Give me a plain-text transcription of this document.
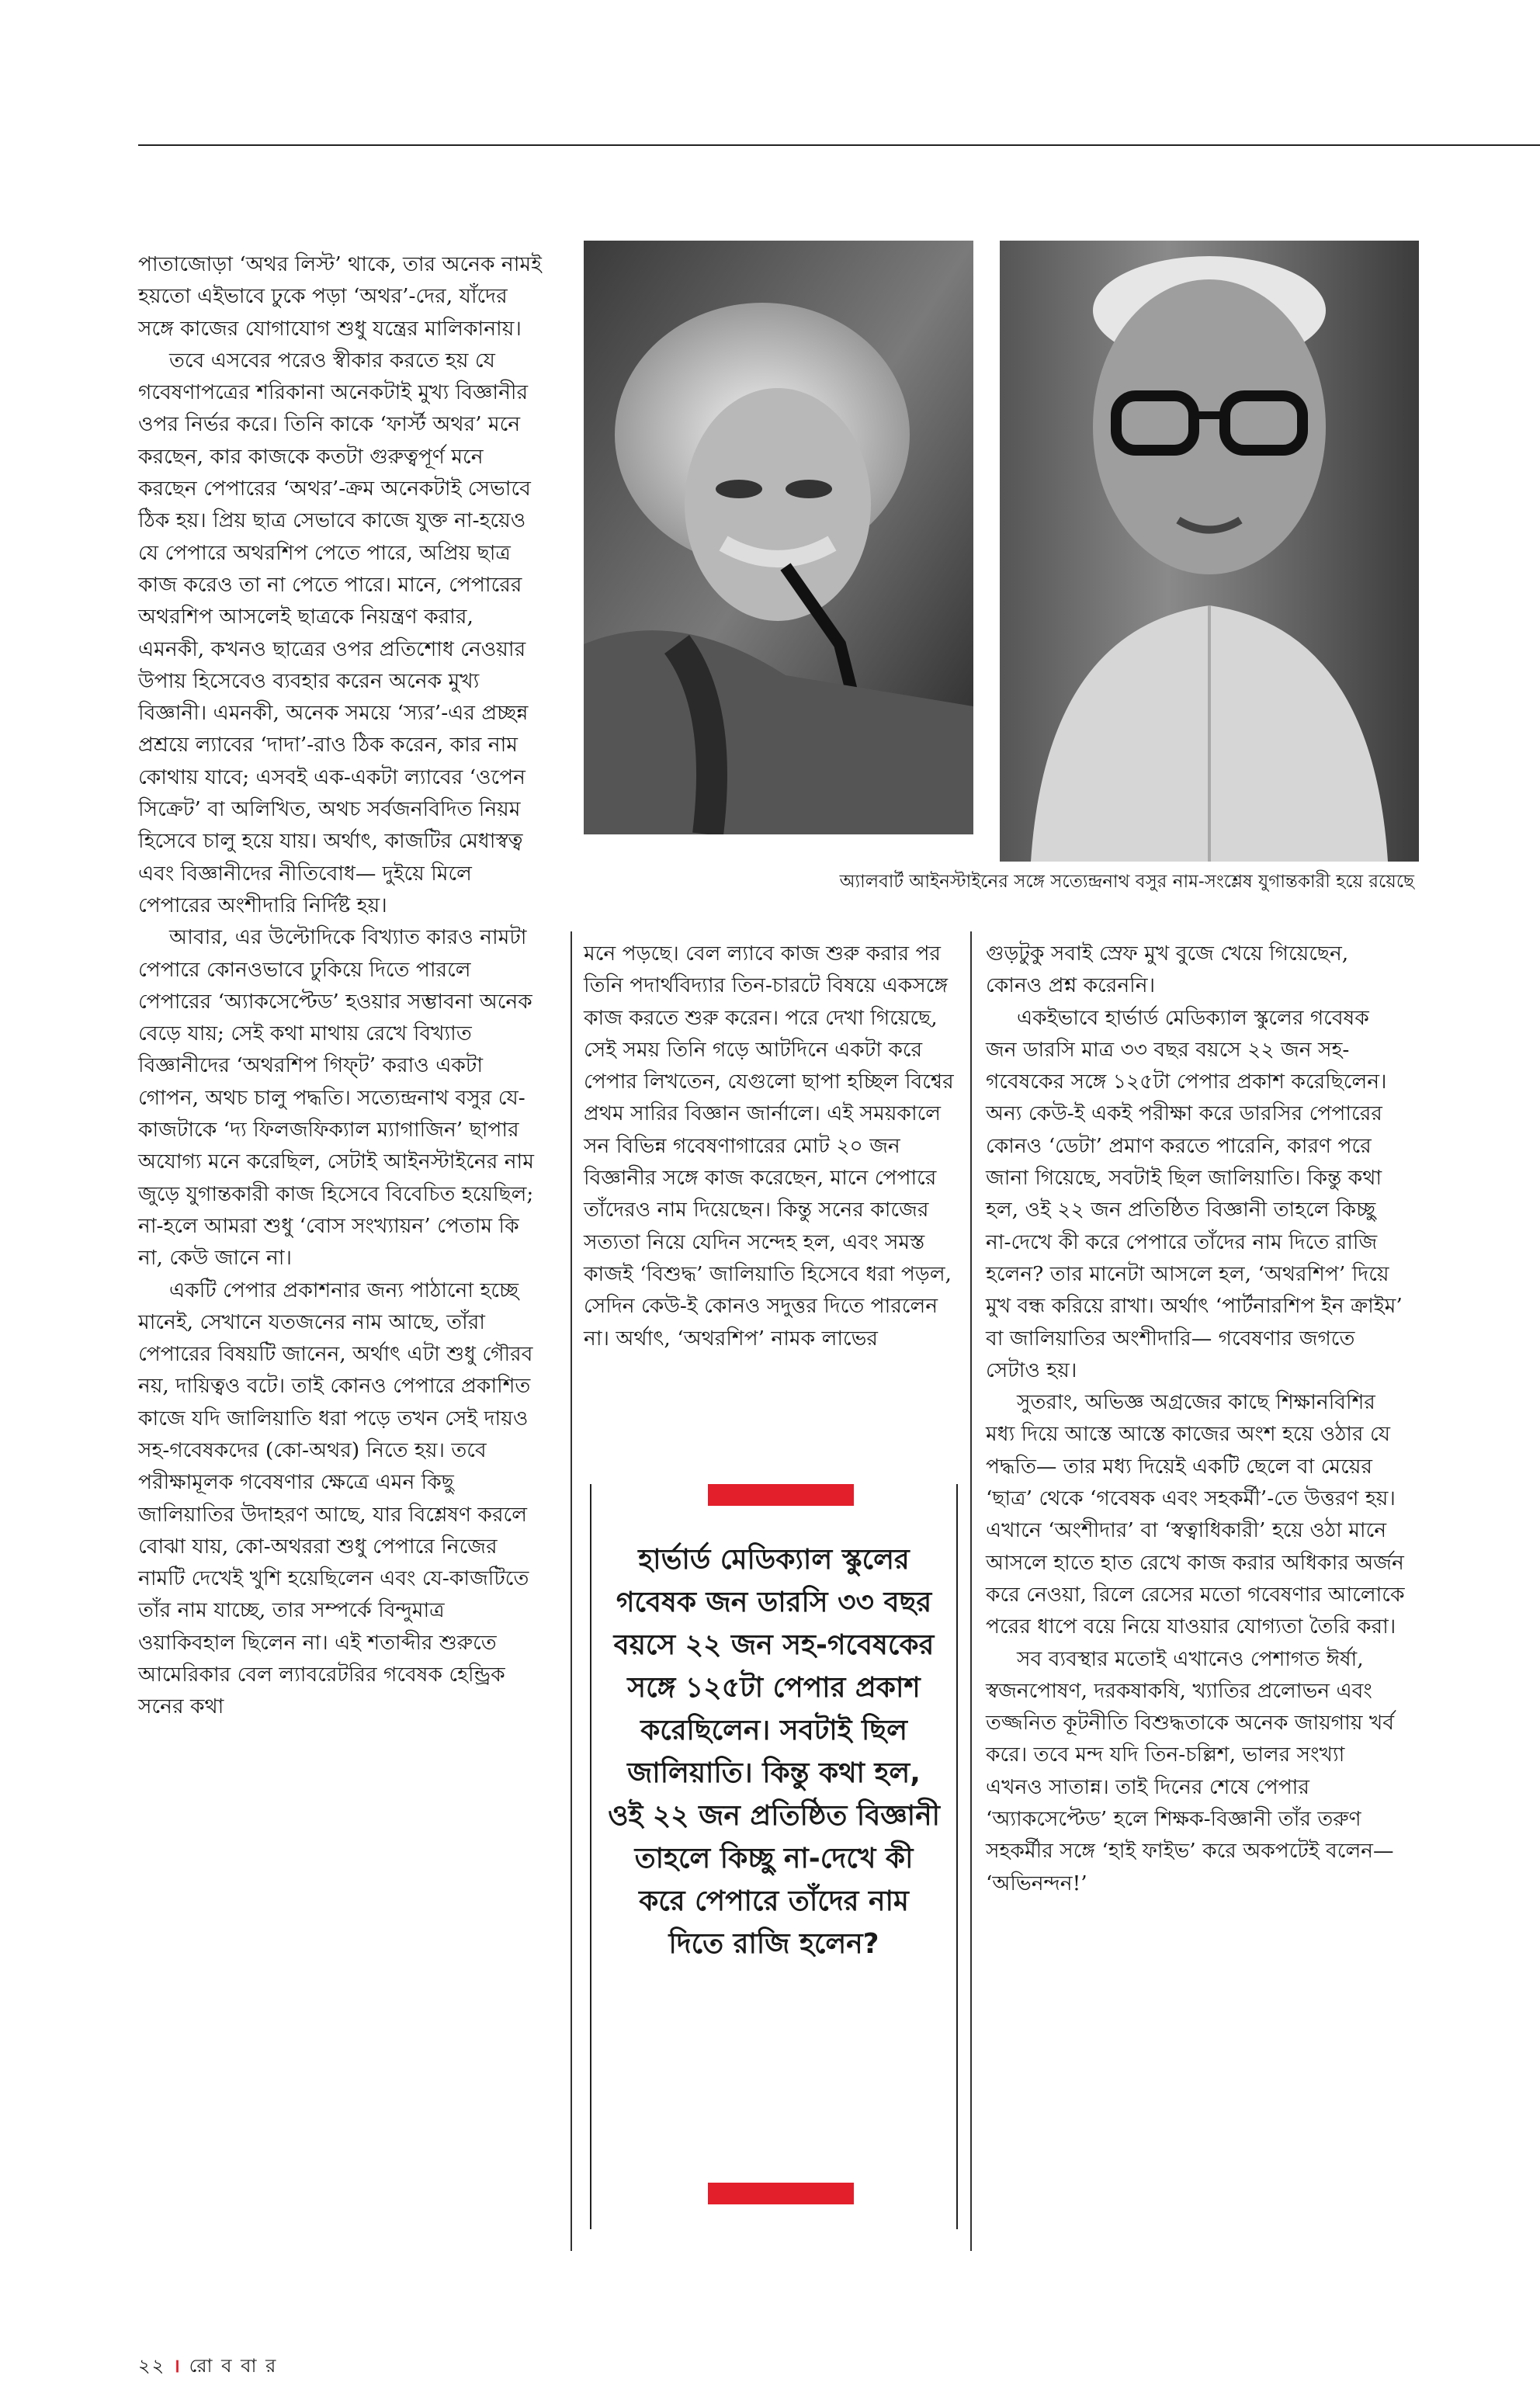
পাতাজোড়া ‘অথর লিস্ট’ থাকে, তার অনেক নামই হয়তো এইভাবে ঢুকে পড়া ‘অথর’-দের, যাঁদের সঙ্গে কাজের যোগাযোগ শুধু যন্ত্রের মালিকানায়।

তবে এসবের পরেও স্বীকার করতে হয় যে গবেষণাপত্রের শরিকানা অনেকটাই মুখ্য বিজ্ঞানীর ওপর নির্ভর করে। তিনি কাকে ‘ফার্স্ট অথর’ মনে করছেন, কার কাজকে কতটা গুরুত্বপূর্ণ মনে করছেন পেপারের ‘অথর’-ক্রম অনেকটাই সেভাবে ঠিক হয়। প্রিয় ছাত্র সেভাবে কাজে যুক্ত না-হয়েও যে পেপারে অথরশিপ পেতে পারে, অপ্রিয় ছাত্র কাজ করেও তা না পেতে পারে। মানে, পেপারের অথরশিপ আসলেই ছাত্রকে নিয়ন্ত্রণ করার, এমনকী, কখনও ছাত্রের ওপর প্রতিশোধ নেওয়ার উপায় হিসেবেও ব্যবহার করেন অনেক মুখ্য বিজ্ঞানী। এমনকী, অনেক সময়ে ‘স্যর’-এর প্রচ্ছন্ন প্রশ্রয়ে ল্যাবের ‘দাদা’-রাও ঠিক করেন, কার নাম কোথায় যাবে; এসবই এক-একটা ল্যাবের ‘ওপেন সিক্রেট’ বা অলিখিত, অথচ সর্বজনবিদিত নিয়ম হিসেবে চালু হয়ে যায়। অর্থাৎ, কাজটির মেধাস্বত্ব এবং বিজ্ঞানীদের নীতিবোধ— দুইয়ে মিলে পেপারের অংশীদারি নির্দিষ্ট হয়।

আবার, এর উল্টোদিকে বিখ্যাত কারও নামটা পেপারে কোনওভাবে ঢুকিয়ে দিতে পারলে পেপারের ‘অ্যাকসেপ্টেড’ হওয়ার সম্ভাবনা অনেক বেড়ে যায়; সেই কথা মাথায় রেখে বিখ্যাত বিজ্ঞানীদের ‘অথরশিপ গিফ্‌ট’ করাও একটা গোপন, অথচ চালু পদ্ধতি। সত্যেন্দ্রনাথ বসুর যে-কাজটাকে ‘দ্য ফিলজফিক্যাল ম্যাগাজিন’ ছাপার অযোগ্য মনে করেছিল, সেটাই আইনস্টাইনের নাম জুড়ে যুগান্তকারী কাজ হিসেবে বিবেচিত হয়েছিল; না-হলে আমরা শুধু ‘বোস সংখ্যায়ন’ পেতাম কি না, কেউ জানে না।

একটি পেপার প্রকাশনার জন্য পাঠানো হচ্ছে মানেই, সেখানে যতজনের নাম আছে, তাঁরা পেপারের বিষয়টি জানেন, অর্থাৎ এটা শুধু গৌরব নয়, দায়িত্বও বটে। তাই কোনও পেপারে প্রকাশিত কাজে যদি জালিয়াতি ধরা পড়ে তখন সেই দায়ও সহ-গবেষকদের (কো-অথর) নিতে হয়। তবে পরীক্ষামূলক গবেষণার ক্ষেত্রে এমন কিছু জালিয়াতির উদাহরণ আছে, যার বিশ্লেষণ করলে বোঝা যায়, কো-অথররা শুধু পেপারে নিজের নামটি দেখেই খুশি হয়েছিলেন এবং যে-কাজটিতে তাঁর নাম যাচ্ছে, তার সম্পর্কে বিন্দুমাত্র ওয়াকিবহাল ছিলেন না। এই শতাব্দীর শুরুতে আমেরিকার বেল ল্যাবরেটরির গবেষক হেন্ড্রিক সনের কথা

অ্যালবার্ট আইনস্টাইনের সঙ্গে সত্যেন্দ্রনাথ বসুর নাম-সংশ্লেষ যুগান্তকারী হয়ে রয়েছে

মনে পড়ছে। বেল ল্যাবে কাজ শুরু করার পর তিনি পদার্থবিদ্যার তিন-চারটে বিষয়ে একসঙ্গে কাজ করতে শুরু করেন। পরে দেখা গিয়েছে, সেই সময় তিনি গড়ে আটদিনে একটা করে পেপার লিখতেন, যেগুলো ছাপা হচ্ছিল বিশ্বের প্রথম সারির বিজ্ঞান জার্নালে। এই সময়কালে সন বিভিন্ন গবেষণাগারের মোট ২০ জন বিজ্ঞানীর সঙ্গে কাজ করেছেন, মানে পেপারে তাঁদেরও নাম দিয়েছেন। কিন্তু সনের কাজের সত্যতা নিয়ে যেদিন সন্দেহ হল, এবং সমস্ত কাজই ‘বিশুদ্ধ’ জালিয়াতি হিসেবে ধরা পড়ল, সেদিন কেউ-ই কোনও সদুত্তর দিতে পারলেন না। অর্থাৎ, ‘অথরশিপ’ নামক লাভের

হার্ভার্ড মেডিক্যাল স্কুলের গবেষক জন ডারসি ৩৩ বছর বয়সে ২২ জন সহ-গবেষকের সঙ্গে ১২৫টা পেপার প্রকাশ করেছিলেন। সবটাই ছিল জালিয়াতি। কিন্তু কথা হল, ওই ২২ জন প্রতিষ্ঠিত বিজ্ঞানী তাহলে কিচ্ছু না-দেখে কী করে পেপারে তাঁদের নাম দিতে রাজি হলেন?

গুড়টুকু সবাই স্রেফ মুখ বুজে খেয়ে গিয়েছেন, কোনও প্রশ্ন করেননি।

একইভাবে হার্ভার্ড মেডিক্যাল স্কুলের গবেষক জন ডারসি মাত্র ৩৩ বছর বয়সে ২২ জন সহ-গবেষকের সঙ্গে ১২৫টা পেপার প্রকাশ করেছিলেন। অন্য কেউ-ই একই পরীক্ষা করে ডারসির পেপারের কোনও ‘ডেটা’ প্রমাণ করতে পারেনি, কারণ পরে জানা গিয়েছে, সবটাই ছিল জালিয়াতি। কিন্তু কথা হল, ওই ২২ জন প্রতিষ্ঠিত বিজ্ঞানী তাহলে কিচ্ছু না-দেখে কী করে পেপারে তাঁদের নাম দিতে রাজি হলেন? তার মানেটা আসলে হল, ‘অথরশিপ’ দিয়ে মুখ বন্ধ করিয়ে রাখা। অর্থাৎ ‘পার্টনারশিপ ইন ক্রাইম’ বা জালিয়াতির অংশীদারি— গবেষণার জগতে সেটাও হয়।

সুতরাং, অভিজ্ঞ অগ্রজের কাছে শিক্ষানবিশির মধ্য দিয়ে আস্তে আস্তে কাজের অংশ হয়ে ওঠার যে পদ্ধতি— তার মধ্য দিয়েই একটি ছেলে বা মেয়ের ‘ছাত্র’ থেকে ‘গবেষক এবং সহকর্মী’-তে উত্তরণ হয়। এখানে ‘অংশীদার’ বা ‘স্বত্বাধিকারী’ হয়ে ওঠা মানে আসলে হাতে হাত রেখে কাজ করার অধিকার অর্জন করে নেওয়া, রিলে রেসের মতো গবেষণার আলোকে পরের ধাপে বয়ে নিয়ে যাওয়ার যোগ্যতা তৈরি করা।

সব ব্যবস্থার মতোই এখানেও পেশাগত ঈর্ষা, স্বজনপোষণ, দরকষাকষি, খ্যাতির প্রলোভন এবং তজ্জনিত কূটনীতি বিশুদ্ধতাকে অনেক জায়গায় খর্ব করে। তবে মন্দ যদি তিন-চল্লিশ, ভালর সংখ্যা এখনও সাতান্ন। তাই দিনের শেষে পেপার ‘অ্যাকসেপ্টেড’ হলে শিক্ষক-বিজ্ঞানী তাঁর তরুণ সহকর্মীর সঙ্গে ‘হাই ফাইভ’ করে অকপটেই বলেন— ‘অভিনন্দন!’

২২ । রো ব বা র
